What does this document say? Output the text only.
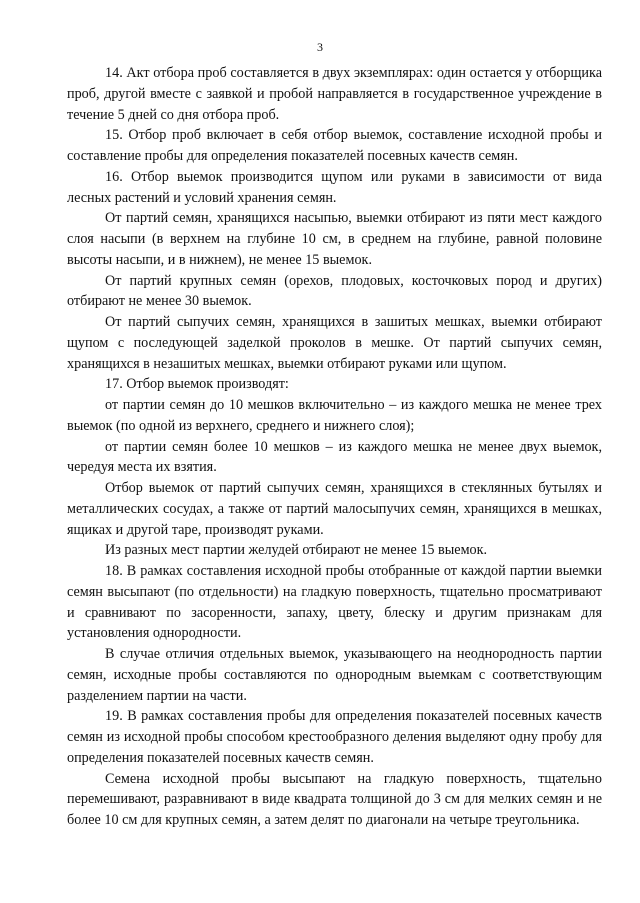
3

14. Акт отбора проб составляется в двух экземплярах: один остается у отборщика проб, другой вместе с заявкой и пробой направляется в государственное учреждение в течение 5 дней со дня отбора проб.

15. Отбор проб включает в себя отбор выемок, составление исходной пробы и составление пробы для определения показателей посевных качеств семян.

16. Отбор выемок производится щупом или руками в зависимости от вида лесных растений и условий хранения семян.

От партий семян, хранящихся насыпью, выемки отбирают из пяти мест каждого слоя насыпи (в верхнем на глубине 10 см, в среднем на глубине, равной половине высоты насыпи, и в нижнем), не менее 15 выемок.

От партий крупных семян (орехов, плодовых, косточковых пород и других) отбирают не менее 30 выемок.

От партий сыпучих семян, хранящихся в зашитых мешках, выемки отбирают щупом с последующей заделкой проколов в мешке. От партий сыпучих семян, хранящихся в незашитых мешках, выемки отбирают руками или щупом.

17. Отбор выемок производят:

от партии семян до 10 мешков включительно – из каждого мешка не менее трех выемок (по одной из верхнего, среднего и нижнего слоя);

от партии семян более 10 мешков – из каждого мешка не менее двух выемок, чередуя места их взятия.

Отбор выемок от партий сыпучих семян, хранящихся в стеклянных бутылях и металлических сосудах, а также от партий малосыпучих семян, хранящихся в мешках, ящиках и другой таре, производят руками.

Из разных мест партии желудей отбирают не менее 15 выемок.

18. В рамках составления исходной пробы отобранные от каждой партии выемки семян высыпают (по отдельности) на гладкую поверхность, тщательно просматривают и сравнивают по засоренности, запаху, цвету, блеску и другим признакам для установления однородности.

В случае отличия отдельных выемок, указывающего на неоднородность партии семян, исходные пробы составляются по однородным выемкам с соответствующим разделением партии на части.

19. В рамках составления пробы для определения показателей посевных качеств семян из исходной пробы способом крестообразного деления выделяют одну пробу для определения показателей посевных качеств семян.

Семена исходной пробы высыпают на гладкую поверхность, тщательно перемешивают, разравнивают в виде квадрата толщиной до 3 см для мелких семян и не более 10 см для крупных семян, а затем делят по диагонали на четыре треугольника.
